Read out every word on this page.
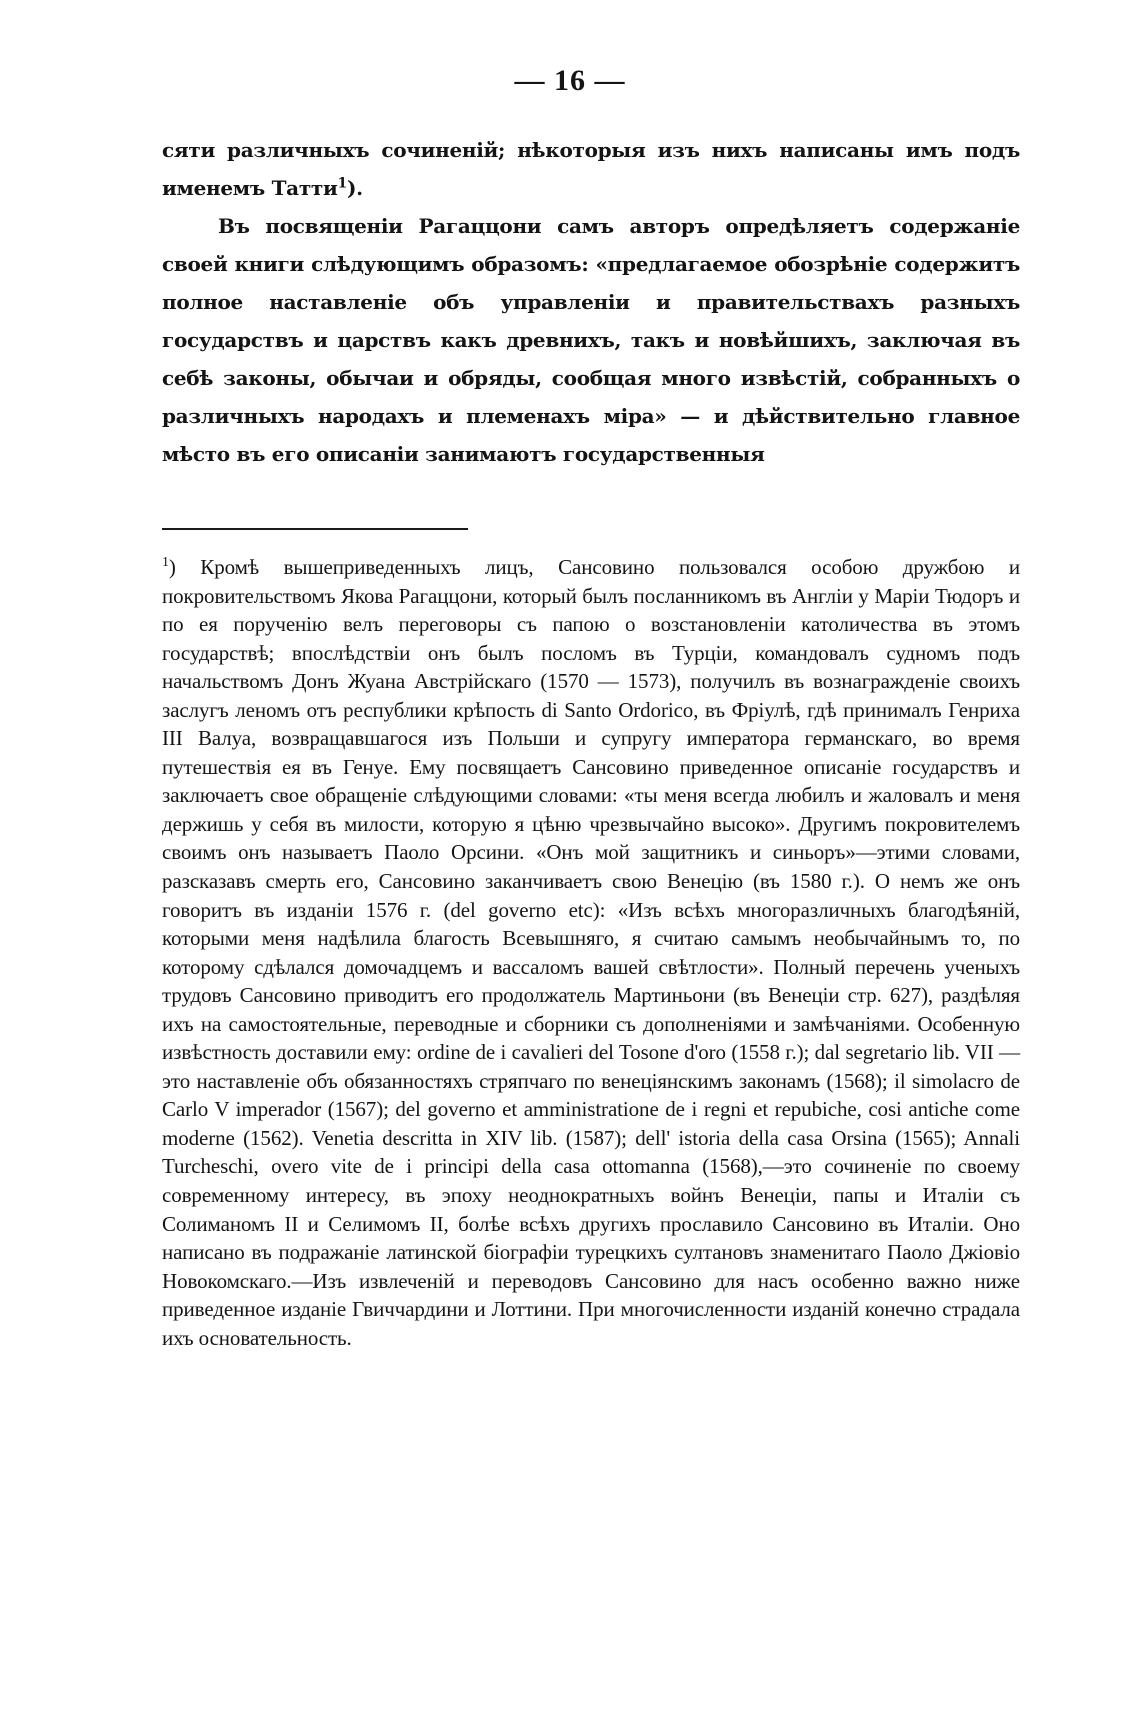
— 16 —

сяти различныхъ сочиненій; нѣкоторыя изъ нихъ написаны имъ подъ именемъ Татти$^1$).

Въ посвященіи Рагаццони самъ авторъ опредѣляетъ содержаніе своей книги слѣдующимъ образомъ: «предлагаемое обозрѣніе содержитъ полное наставленіе объ управленіи и правительствахъ разныхъ государствъ и царствъ какъ древнихъ, такъ и новѣйшихъ, заключая въ себѣ законы, обычаи и обряды, сообщая много извѣстій, собранныхъ о различныхъ народахъ и племенахъ міра» — и дѣйствительно главное мѣсто въ его описаніи занимаютъ государственныя

$^1$) Кромѣ вышеприведенныхъ лицъ, Сансовино пользовался особою дружбою и покровительствомъ Якова Рагаццони, который былъ посланникомъ въ Англіи у Маріи Тюдоръ и по ея порученію велъ переговоры съ папою о возстановленіи католичества въ этомъ государствѣ; впослѣдствіи онъ былъ посломъ въ Турціи, командовалъ судномъ подъ начальствомъ Донъ Жуана Австрійскаго (1570 — 1573), получилъ въ вознагражденіе своихъ заслугъ леномъ отъ республики крѣпость di Santo Ordorico, въ Фріулѣ, гдѣ принималъ Генриха III Валуа, возвращавшагося изъ Польши и супругу императора германскаго, во время путешествія ея въ Генуе. Ему посвящаетъ Сансовино приведенное описаніе государствъ и заключаетъ свое обращеніе слѣдующими словами: «ты меня всегда любилъ и жаловалъ и меня держишь у себя въ милости, которую я цѣню чрезвычайно высоко». Другимъ покровителемъ своимъ онъ называетъ Паоло Орсини. «Онъ мой защитникъ и синьоръ»—этими словами, разсказавъ смерть его, Сансовино заканчиваетъ свою Венецію (въ 1580 г.). О немъ же онъ говоритъ въ изданіи 1576 г. (del governo etc): «Изъ всѣхъ многоразличныхъ благодѣяній, которыми меня надѣлила благость Всевышняго, я считаю самымъ необычайнымъ то, по которому сдѣлался домочадцемъ и вассаломъ вашей свѣтлости». Полный перечень ученыхъ трудовъ Сансовино приводитъ его продолжатель Мартиньони (въ Венеціи стр. 627), раздѣляя ихъ на самостоятельные, переводные и сборники съ дополненіями и замѣчаніями. Особенную извѣстность доставили ему: ordine de i cavalieri del Tosone d'oro (1558 г.); dal segretario lib. VII — это наставленіе объ обязанностяхъ стряпчаго по венеціянскимъ законамъ (1568); il simolacro de Carlo V imperador (1567); del governo et amministratione de i regni et repubiche, cosi antiche come moderne (1562). Venetia descritta in XIV lib. (1587); dell' istoria della casa Orsina (1565); Annali Turcheschi, overo vite de i principi della casa ottomanna (1568),—это сочиненіе по своему современному интересу, въ эпоху неоднократныхъ войнъ Венеціи, папы и Италіи съ Солиманомъ II и Селимомъ II, болѣе всѣхъ другихъ прославило Сансовино въ Италіи. Оно написано въ подражаніе латинской біографіи турецкихъ султановъ знаменитаго Паоло Джіовіо Новокомскаго.—Изъ извлеченій и переводовъ Сансовино для насъ особенно важно ниже приведенное изданіе Гвиччардини и Лоттини. При многочисленности изданій конечно страдала ихъ основательность.
